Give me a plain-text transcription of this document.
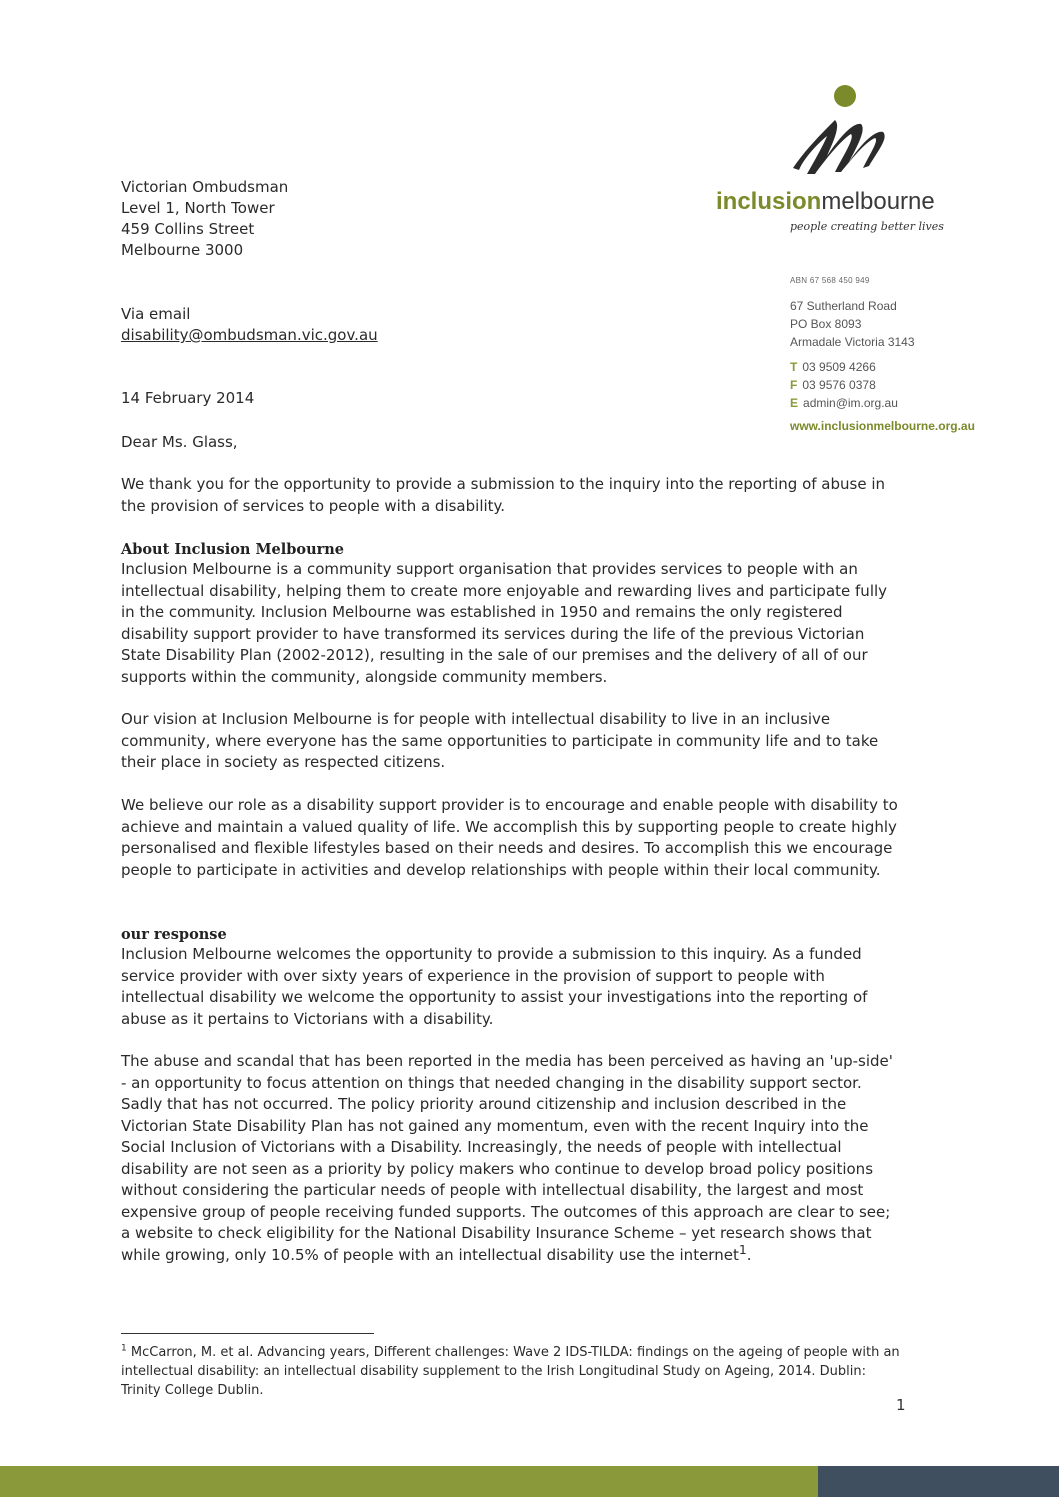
inclusionmelbourne
people creating better lives
ABN 67 568 450 949
67 Sutherland Road
PO Box 8093
Armadale Victoria 3143
T 03 9509 4266
F 03 9576 0378
E admin@im.org.au
www.inclusionmelbourne.org.au
Victorian Ombudsman
Level 1, North Tower
459 Collins Street
Melbourne 3000
Via email
disability@ombudsman.vic.gov.au
14 February 2014
Dear Ms. Glass,
We thank you for the opportunity to provide a submission to the inquiry into the reporting of abuse in the provision of services to people with a disability.
About Inclusion Melbourne
Inclusion Melbourne is a community support organisation that provides services to people with an intellectual disability, helping them to create more enjoyable and rewarding lives and participate fully in the community. Inclusion Melbourne was established in 1950 and remains the only registered disability support provider to have transformed its services during the life of the previous Victorian State Disability Plan (2002-2012), resulting in the sale of our premises and the delivery of all of our supports within the community, alongside community members.
Our vision at Inclusion Melbourne is for people with intellectual disability to live in an inclusive community, where everyone has the same opportunities to participate in community life and to take their place in society as respected citizens.
We believe our role as a disability support provider is to encourage and enable people with disability to achieve and maintain a valued quality of life. We accomplish this by supporting people to create highly personalised and flexible lifestyles based on their needs and desires. To accomplish this we encourage people to participate in activities and develop relationships with people within their local community.
our response
Inclusion Melbourne welcomes the opportunity to provide a submission to this inquiry. As a funded service provider with over sixty years of experience in the provision of support to people with intellectual disability we welcome the opportunity to assist your investigations into the reporting of abuse as it pertains to Victorians with a disability.
The abuse and scandal that has been reported in the media has been perceived as having an 'up-side' - an opportunity to focus attention on things that needed changing in the disability support sector. Sadly that has not occurred. The policy priority around citizenship and inclusion described in the Victorian State Disability Plan has not gained any momentum, even with the recent Inquiry into the Social Inclusion of Victorians with a Disability. Increasingly, the needs of people with intellectual disability are not seen as a priority by policy makers who continue to develop broad policy positions without considering the particular needs of people with intellectual disability, the largest and most expensive group of people receiving funded supports. The outcomes of this approach are clear to see; a website to check eligibility for the National Disability Insurance Scheme – yet research shows that while growing, only 10.5% of people with an intellectual disability use the internet$^1$.
$^1$ McCarron, M. et al. Advancing years, Different challenges: Wave 2 IDS-TILDA: findings on the ageing of people with an intellectual disability: an intellectual disability supplement to the Irish Longitudinal Study on Ageing, 2014. Dublin: Trinity College Dublin.
1
